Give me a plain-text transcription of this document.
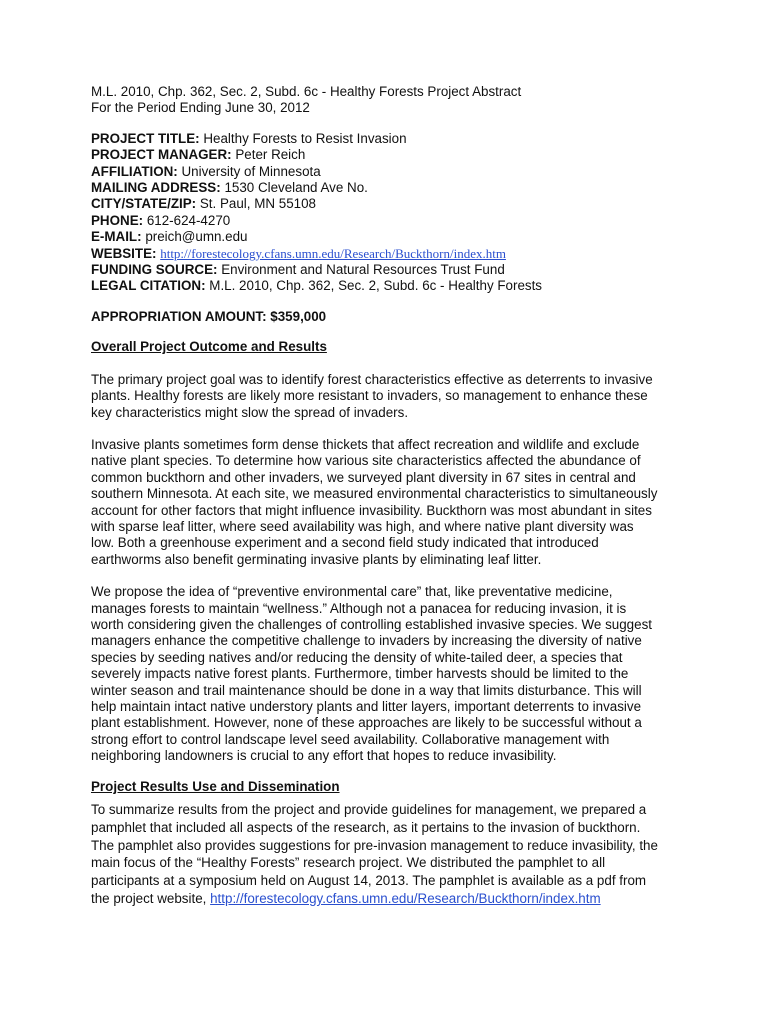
M.L. 2010, Chp. 362, Sec. 2, Subd. 6c - Healthy Forests Project Abstract
For the Period Ending June 30, 2012
PROJECT TITLE: Healthy Forests to Resist Invasion
PROJECT MANAGER: Peter Reich
AFFILIATION: University of Minnesota
MAILING ADDRESS: 1530 Cleveland Ave No.
CITY/STATE/ZIP: St. Paul, MN 55108
PHONE: 612-624-4270
E-MAIL: preich@umn.edu
WEBSITE: http://forestecology.cfans.umn.edu/Research/Buckthorn/index.htm
FUNDING SOURCE: Environment and Natural Resources Trust Fund
LEGAL CITATION: M.L. 2010, Chp. 362, Sec. 2, Subd. 6c - Healthy Forests
APPROPRIATION AMOUNT: $359,000
Overall Project Outcome and Results
The primary project goal was to identify forest characteristics effective as deterrents to invasive
plants. Healthy forests are likely more resistant to invaders, so management to enhance these
key characteristics might slow the spread of invaders.
Invasive plants sometimes form dense thickets that affect recreation and wildlife and exclude
native plant species. To determine how various site characteristics affected the abundance of
common buckthorn and other invaders, we surveyed plant diversity in 67 sites in central and
southern Minnesota. At each site, we measured environmental characteristics to simultaneously
account for other factors that might influence invasibility. Buckthorn was most abundant in sites
with sparse leaf litter, where seed availability was high, and where native plant diversity was
low. Both a greenhouse experiment and a second field study indicated that introduced
earthworms also benefit germinating invasive plants by eliminating leaf litter.
We propose the idea of “preventive environmental care” that, like preventative medicine,
manages forests to maintain “wellness.” Although not a panacea for reducing invasion, it is
worth considering given the challenges of controlling established invasive species. We suggest
managers enhance the competitive challenge to invaders by increasing the diversity of native
species by seeding natives and/or reducing the density of white-tailed deer, a species that
severely impacts native forest plants. Furthermore, timber harvests should be limited to the
winter season and trail maintenance should be done in a way that limits disturbance. This will
help maintain intact native understory plants and litter layers, important deterrents to invasive
plant establishment. However, none of these approaches are likely to be successful without a
strong effort to control landscape level seed availability. Collaborative management with
neighboring landowners is crucial to any effort that hopes to reduce invasibility.
Project Results Use and Dissemination
To summarize results from the project and provide guidelines for management, we prepared a
pamphlet that included all aspects of the research, as it pertains to the invasion of buckthorn.
The pamphlet also provides suggestions for pre-invasion management to reduce invasibility, the
main focus of the “Healthy Forests” research project. We distributed the pamphlet to all
participants at a symposium held on August 14, 2013. The pamphlet is available as a pdf from
the project website, http://forestecology.cfans.umn.edu/Research/Buckthorn/index.htm
